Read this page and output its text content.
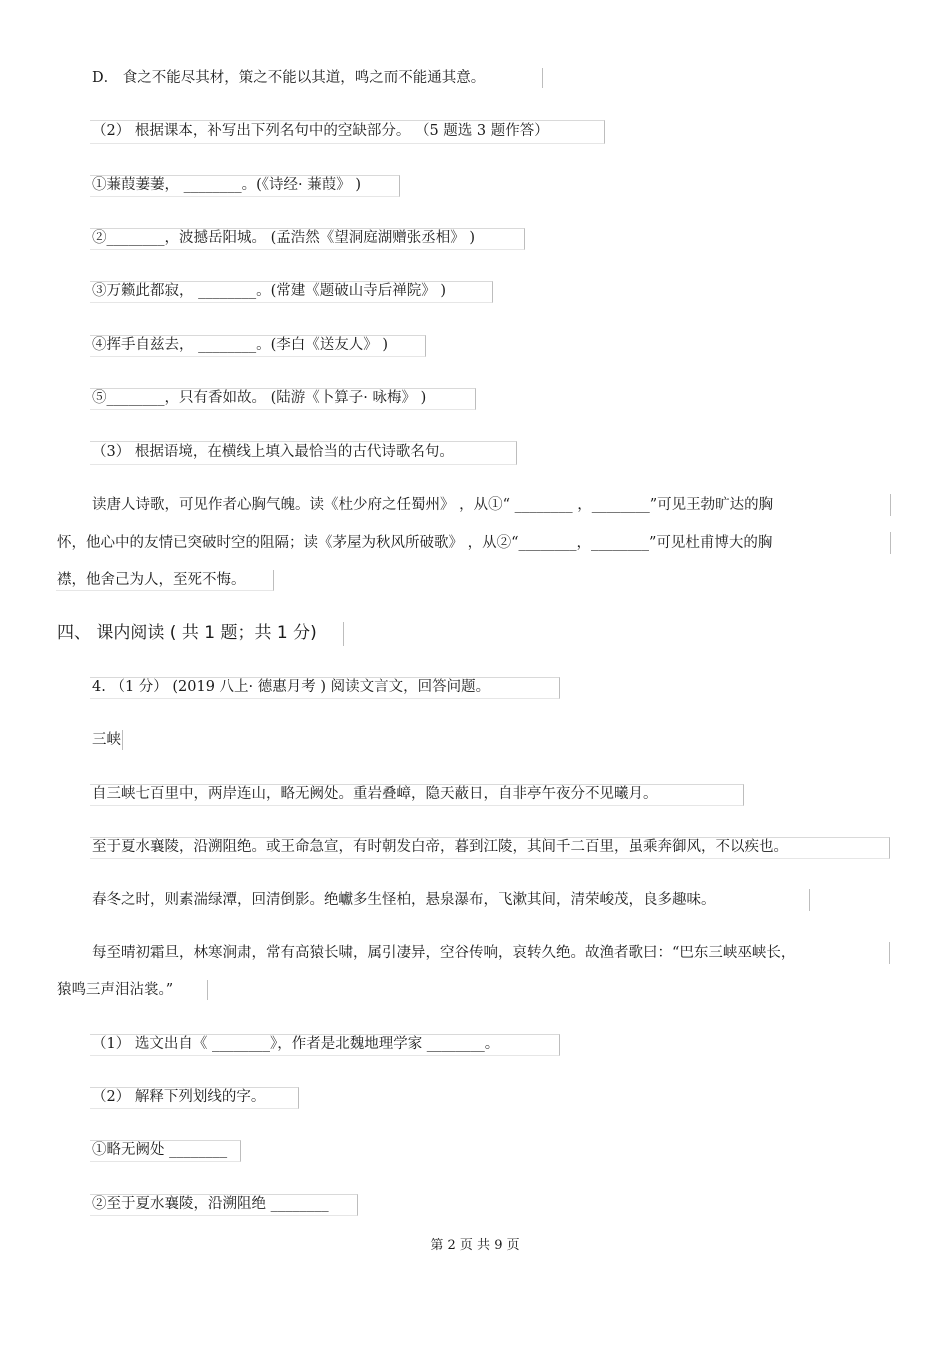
D． 食之不能尽其材，策之不能以其道，鸣之而不能通其意。
（2） 根据课本，补写出下列名句中的空缺部分。 （5 题选 3 题作答）
①蒹葭萋萋， ________。(《诗经· 蒹葭》 )
②________，波撼岳阳城。 (孟浩然《望洞庭湖赠张丞相》 )
③万籁此都寂， ________。(常建《题破山寺后禅院》 )
④挥手自兹去， ________。(李白《送友人》 )
⑤________，只有香如故。 (陆游《卜算子· 咏梅》 )
（3） 根据语境，在横线上填入最恰当的古代诗歌名句。
读唐人诗歌，可见作者心胸气魄。读《杜少府之任蜀州》 ，从①“ ________ ，________”可见王勃旷达的胸
怀，他心中的友情已突破时空的阻隔；读《茅屋为秋风所破歌》 ，从②“________，________”可见杜甫博大的胸
襟，他舍己为人，至死不悔。
四、 课内阅读 ( 共 1 题；共 1 分)
4. （1 分） (2019 八上· 德惠月考 ) 阅读文言文，回答问题。
三峡
自三峡七百里中，两岸连山，略无阙处。重岩叠嶂，隐天蔽日，自非亭午夜分不见曦月。
至于夏水襄陵，沿溯阻绝。或王命急宣，有时朝发白帝，暮到江陵，其间千二百里，虽乘奔御风，不以疾也。
春冬之时，则素湍绿潭，回清倒影。绝巘多生怪柏，悬泉瀑布，飞漱其间，清荣峻茂，良多趣味。
每至晴初霜旦，林寒涧肃，常有高猿长啸，属引凄异，空谷传响，哀转久绝。故渔者歌曰：“巴东三峡巫峡长，
猿鸣三声泪沾裳。”
（1） 选文出自《 ________》，作者是北魏地理学家 ________。
（2） 解释下列划线的字。
①略无阙处 ________
②至于夏水襄陵，沿溯阻绝 ________
第 2 页 共 9 页
